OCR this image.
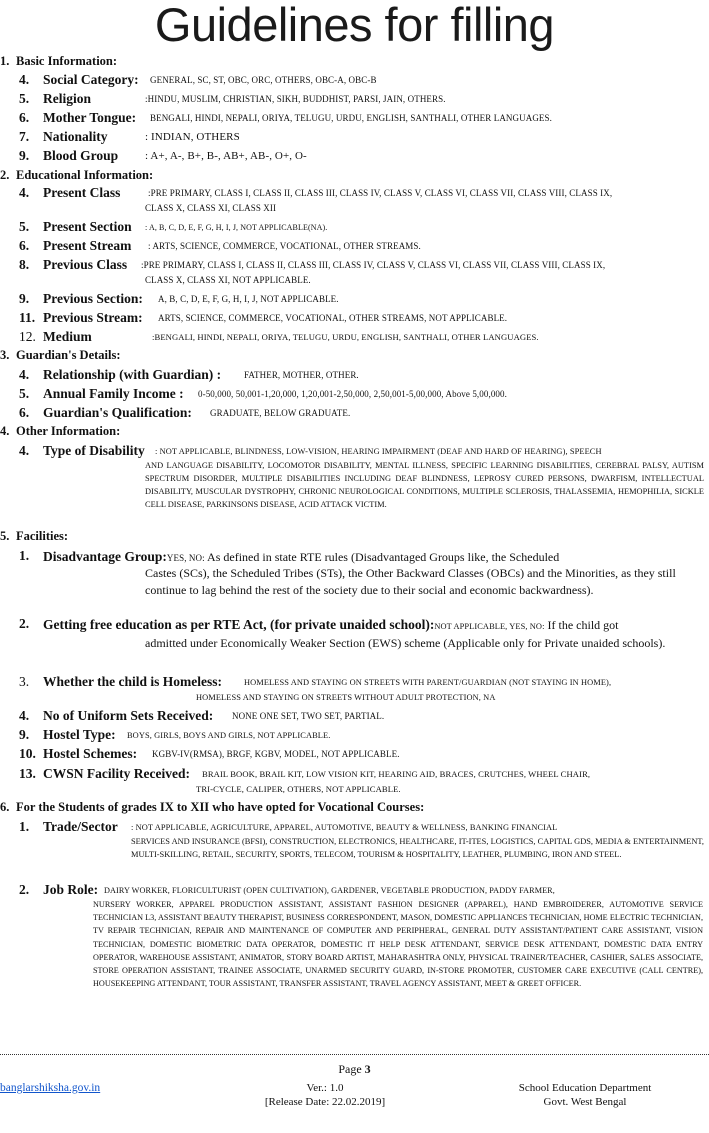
Guidelines for filling
1. Basic Information:
4. Social Category: GENERAL, SC, ST, OBC, ORC, OTHERS, OBC-A, OBC-B
5. Religion	:HINDU, MUSLIM, CHRISTIAN, SIKH, BUDDHIST, PARSI, JAIN, OTHERS.
6. Mother Tongue: BENGALI, HINDI, NEPALI, ORIYA, TELUGU, URDU, ENGLISH, SANTHALI, OTHER LANGUAGES.
7. Nationality	: INDIAN, OTHERS
9. Blood Group : A+, A-, B+, B-, AB+, AB-, O+, O-
2. Educational Information:
4. Present Class	:PRE PRIMARY, CLASS I, CLASS II, CLASS III, CLASS IV, CLASS V, CLASS VI, CLASS VII, CLASS VIII, CLASS IX,
CLASS X, CLASS XI, CLASS XII
5. Present Section : A, B, C, D, E, F, G, H, I, J, NOT APPLICABLE(NA).
6. Present Stream : ARTS, SCIENCE, COMMERCE, VOCATIONAL, OTHER STREAMS.
8. Previous Class :PRE PRIMARY, CLASS I, CLASS II, CLASS III, CLASS IV, CLASS V, CLASS VI, CLASS VII, CLASS VIII, CLASS IX,
CLASS X, CLASS XI, NOT APPLICABLE.
9. Previous Section: A, B, C, D, E, F, G, H, I, J, NOT APPLICABLE.
11. Previous Stream: ARTS, SCIENCE, COMMERCE, VOCATIONAL, OTHER STREAMS, NOT APPLICABLE.
12. Medium	:BENGALI, HINDI, NEPALI, ORIYA, TELUGU, URDU, ENGLISH, SANTHALI, OTHER LANGUAGES.
3. Guardian's Details:
4. Relationship (with Guardian) :	FATHER, MOTHER, OTHER.
5. Annual Family Income : 0-50,000, 50,001-1,20,000, 1,20,001-2,50,000, 2,50,001-5,00,000, Above 5,00,000.
6. Guardian's Qualification: GRADUATE, BELOW GRADUATE.
4. Other Information:
4. Type of Disability : NOT APPLICABLE, BLINDNESS, LOW-VISION, HEARING IMPAIRMENT (DEAF AND HARD OF HEARING), SPEECH
AND LANGUAGE DISABILITY, LOCOMOTOR DISABILITY, MENTAL ILLNESS, SPECIFIC LEARNING DISABILITIES, CEREBRAL PALSY, AUTISM SPECTRUM DISORDER, MULTIPLE DISABILITIES INCLUDING DEAF BLINDNESS, LEPROSY CURED PERSONS, DWARFISM, INTELLECTUAL DISABILITY, MUSCULAR DYSTROPHY, CHRONIC NEUROLOGICAL CONDITIONS, MULTIPLE SCLEROSIS, THALASSEMIA, HEMOPHILIA, SICKLE CELL DISEASE, PARKINSONS DISEASE, ACID ATTACK VICTIM.
5. Facilities:
1. Disadvantage Group:YES, NO: As defined in state RTE rules (Disadvantaged Groups like, the Scheduled
Castes (SCs), the Scheduled Tribes (STs), the Other Backward Classes (OBCs) and the Minorities, as they still continue to lag behind the rest of the society due to their social and economic backwardness).
2. Getting free education as per RTE Act, (for private unaided school):NOT APPLICABLE, YES, NO: If the child got
admitted under Economically Weaker Section (EWS) scheme (Applicable only for Private unaided schools).
3. Whether the child is Homeless:	HOMELESS AND STAYING ON STREETS WITH PARENT/GUARDIAN (NOT STAYING IN HOME),
HOMELESS AND STAYING ON STREETS WITHOUT ADULT PROTECTION, NA
4. No of Uniform Sets Received: NONE ONE SET, TWO SET, PARTIAL.
9. Hostel Type: BOYS, GIRLS, BOYS AND GIRLS, NOT APPLICABLE.
10. Hostel Schemes: KGBV-IV(RMSA), BRGF, KGBV, MODEL, NOT APPLICABLE.
13. CWSN Facility Received: BRAIL BOOK, BRAIL KIT, LOW VISION KIT, HEARING AID, BRACES, CRUTCHES, WHEEL CHAIR,
TRI-CYCLE, CALIPER, OTHERS, NOT APPLICABLE.
6. For the Students of grades IX to XII who have opted for Vocational Courses:
1. Trade/Sector : NOT APPLICABLE, AGRICULTURE, APPAREL, AUTOMOTIVE, BEAUTY & WELLNESS, BANKING FINANCIAL
SERVICES AND INSURANCE (BFSI), CONSTRUCTION, ELECTRONICS, HEALTHCARE, IT-ITES, LOGISTICS, CAPITAL GDS, MEDIA & ENTERTAINMENT, MULTI-SKILLING, RETAIL, SECURITY, SPORTS, TELECOM, TOURISM & HOSPITALITY, LEATHER, PLUMBING, IRON AND STEEL.
2. Job Role: DAIRY WORKER, FLORICULTURIST (OPEN CULTIVATION), GARDENER, VEGETABLE PRODUCTION, PADDY FARMER,
NURSERY WORKER, APPAREL PRODUCTION ASSISTANT, ASSISTANT FASHION DESIGNER (APPAREL), HAND EMBROIDERER, AUTOMOTIVE SERVICE TECHNICIAN L3, ASSISTANT BEAUTY THERAPIST, BUSINESS CORRESPONDENT, MASON, DOMESTIC APPLIANCES TECHNICIAN, HOME ELECTRIC TECHNICIAN, TV REPAIR TECHNICIAN, REPAIR AND MAINTENANCE OF COMPUTER AND PERIPHERAL, GENERAL DUTY ASSISTANT/PATIENT CARE ASSISTANT, VISION TECHNICIAN, DOMESTIC BIOMETRIC DATA OPERATOR, DOMESTIC IT HELP DESK ATTENDANT, SERVICE DESK ATTENDANT, DOMESTIC DATA ENTRY OPERATOR, WAREHOUSE ASSISTANT, ANIMATOR, STORY BOARD ARTIST, MAHARASHTRA ONLY, PHYSICAL TRAINER/TEACHER, CASHIER, SALES ASSOCIATE, STORE OPERATION ASSISTANT, TRAINEE ASSOCIATE, UNARMED SECURITY GUARD, IN-STORE PROMOTER, CUSTOMER CARE EXECUTIVE (CALL CENTRE), HOUSEKEEPING ATTENDANT, TOUR ASSISTANT, TRANSFER ASSISTANT, TRAVEL AGENCY ASSISTANT, MEET & GREET OFFICER.
Page 3
banglarshiksha.gov.in	Ver.: 1.0
[Release Date: 22.02.2019]
School Education Department
Govt. West Bengal
